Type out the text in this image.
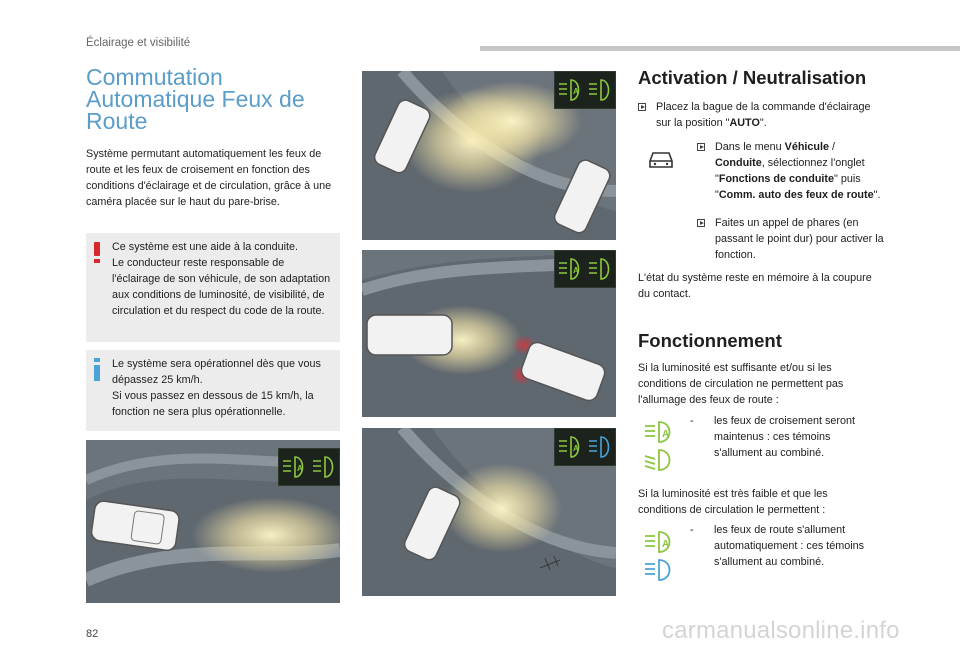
Éclairage et visibilité
Commutation
Automatique Feux de
Route

Système permutant automatiquement les feux de route et les feux de croisement en fonction des conditions d'éclairage et de circulation, grâce à une caméra placée sur le haut du pare-brise.

Ce système est une aide à la conduite.
Le conducteur reste responsable de l'éclairage de son véhicule, de son adaptation aux conditions de luminosité, de visibilité, de circulation et du respect du code de la route.
Le système sera opérationnel dès que vous dépassez 25 km/h.
Si vous passez en dessous de 15 km/h, la fonction ne sera plus opérationnelle.
A
A
A
A
Activation / Neutralisation
Placez la bague de la commande d'éclairage sur la position "AUTO".
Dans le menu Véhicule / Conduite, sélectionnez l'onglet "Fonctions de conduite" puis "Comm. auto des feux de route".
Faites un appel de phares (en passant le point dur) pour activer la fonction.

L'état du système reste en mémoire à la coupure du contact.

Fonctionnement

Si la luminosité est suffisante et/ou si les conditions de circulation ne permettent pas l'allumage des feux de route :

A
- les feux de croisement seront maintenus : ces témoins s'allument au combiné.

Si la luminosité est très faible et que les conditions de circulation le permettent :

A
- les feux de route s'allument automatiquement : ces témoins s'allument au combiné.
82	carmanualsonline.info
